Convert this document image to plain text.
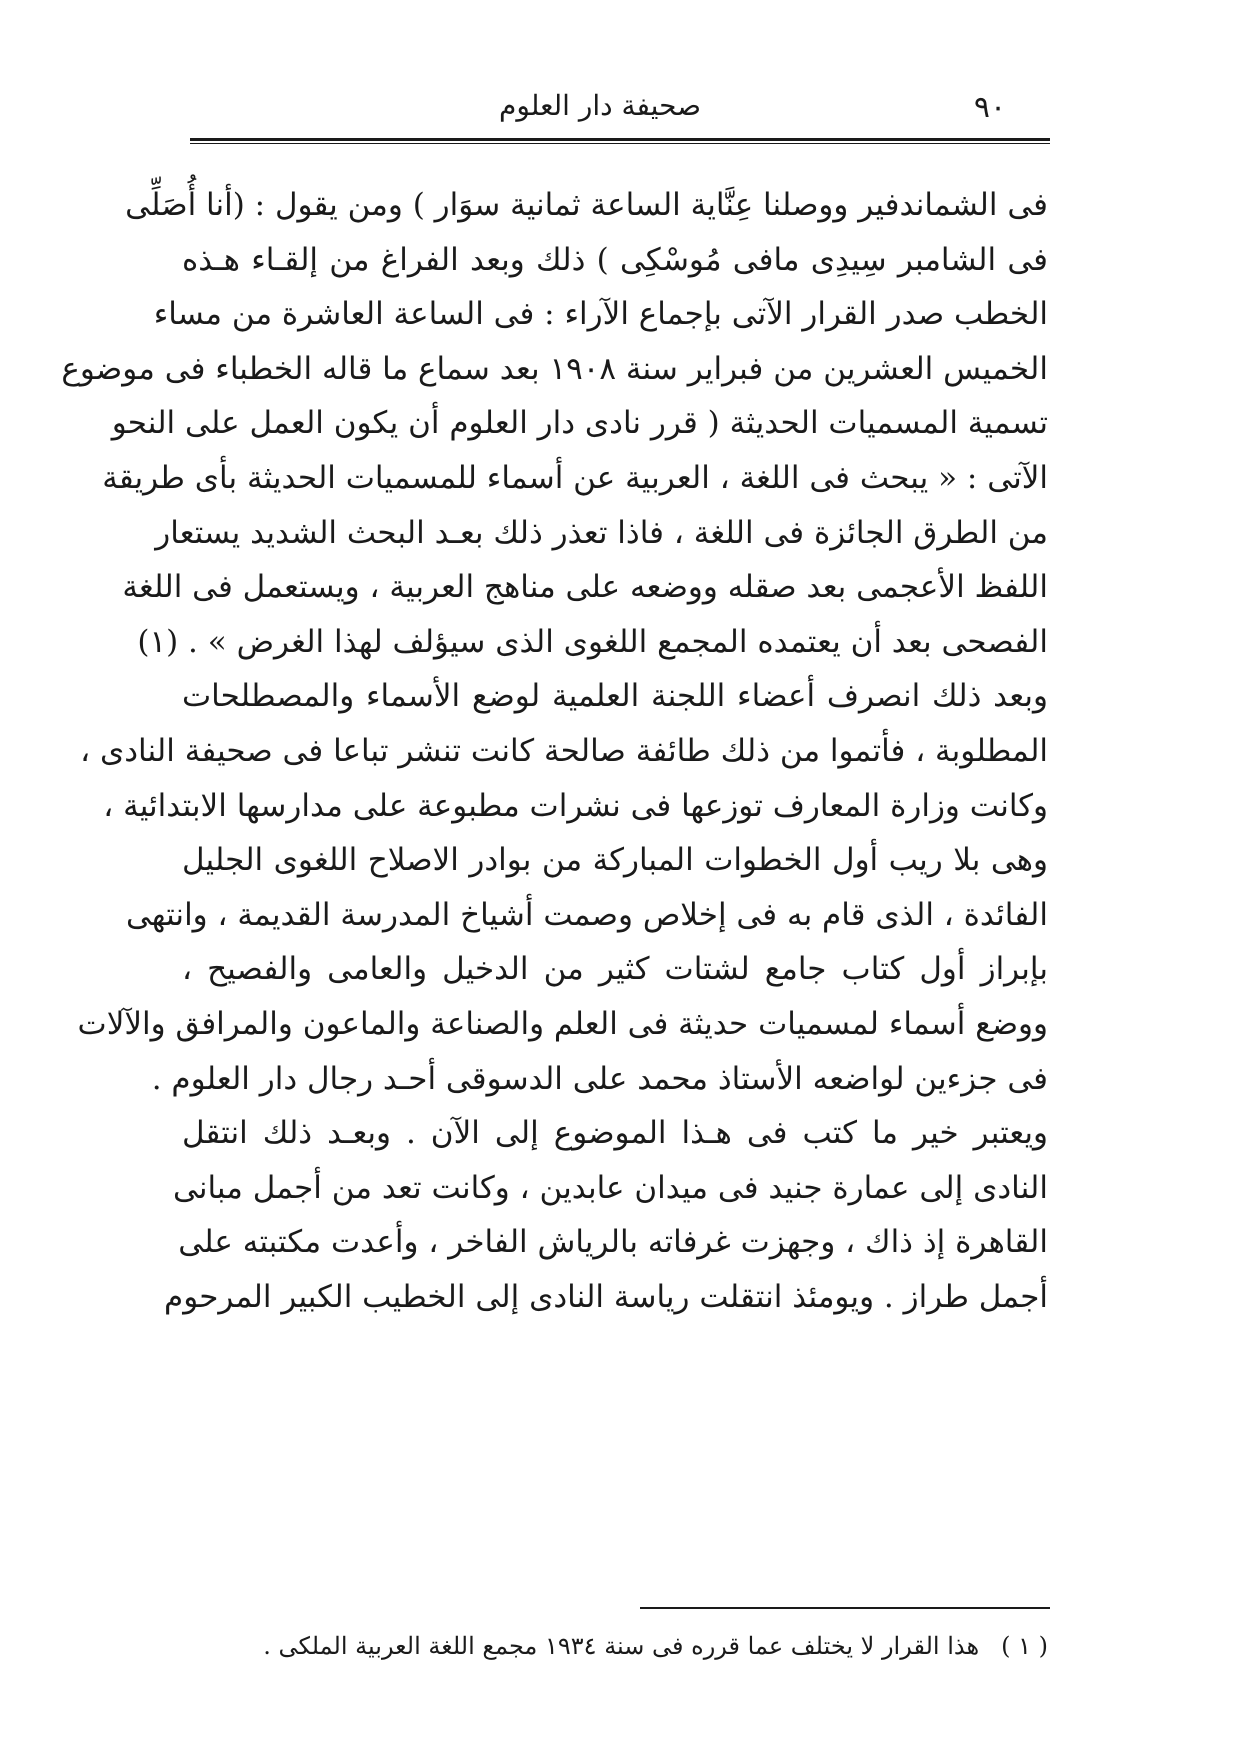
٩٠
صحيفة دار العلوم
فى الشماندفير ووصلنا عِنَّاية الساعة ثمانية سوَار ) ومن يقول : (أنا أُصَلِّى
فى الشامبر سِيدِى مافى مُوسْكِى ) ذلك وبعد الفراغ من إلقـاء هـذه
الخطب صدر القرار الآتى بإجماع الآراء : فى الساعة العاشرة من مساء
الخميس العشرين من فبراير سنة ١٩٠٨ بعد سماع ما قاله الخطباء فى موضوع
تسمية المسميات الحديثة ( قرر نادى دار العلوم أن يكون العمل على النحو
الآتى : « يبحث فى اللغة ، العربية عن أسماء للمسميات الحديثة بأى طريقة
من الطرق الجائزة فى اللغة ، فاذا تعذر ذلك بعـد البحث الشديد يستعار
اللفظ الأعجمى بعد صقله ووضعه على مناهج العربية ، ويستعمل فى اللغة
الفصحى بعد أن يعتمده المجمع اللغوى الذى سيؤلف لهذا الغرض » . (١)
وبعد ذلك انصرف أعضاء اللجنة العلمية لوضع الأسماء والمصطلحات
المطلوبة ، فأتموا من ذلك طائفة صالحة كانت تنشر تباعا فى صحيفة النادى ،
وكانت وزارة المعارف توزعها فى نشرات مطبوعة على مدارسها الابتدائية ،
وهى بلا ريب أول الخطوات المباركة من بوادر الاصلاح اللغوى الجليل
الفائدة ، الذى قام به فى إخلاص وصمت أشياخ المدرسة القديمة ، وانتهى
بإبراز أول كتاب جامع لشتات كثير من الدخيل والعامى والفصيح ،
ووضع أسماء لمسميات حديثة فى العلم والصناعة والماعون والمرافق والآلات
فى جزءين لواضعه الأستاذ محمد على الدسوقى أحـد رجال دار العلوم .
ويعتبر خير ما كتب فى هـذا الموضوع إلى الآن . وبعـد ذلك انتقل
النادى إلى عمارة جنيد فى ميدان عابدين ، وكانت تعد من أجمل مبانى
القاهرة إذ ذاك ، وجهزت غرفاته بالرياش الفاخر ، وأعدت مكتبته على
أجمل طراز . ويومئذ انتقلت رياسة النادى إلى الخطيب الكبير المرحوم
( ١ )هذا القرار لا يختلف عما قرره فى سنة ١٩٣٤ مجمع اللغة العربية الملكى .
